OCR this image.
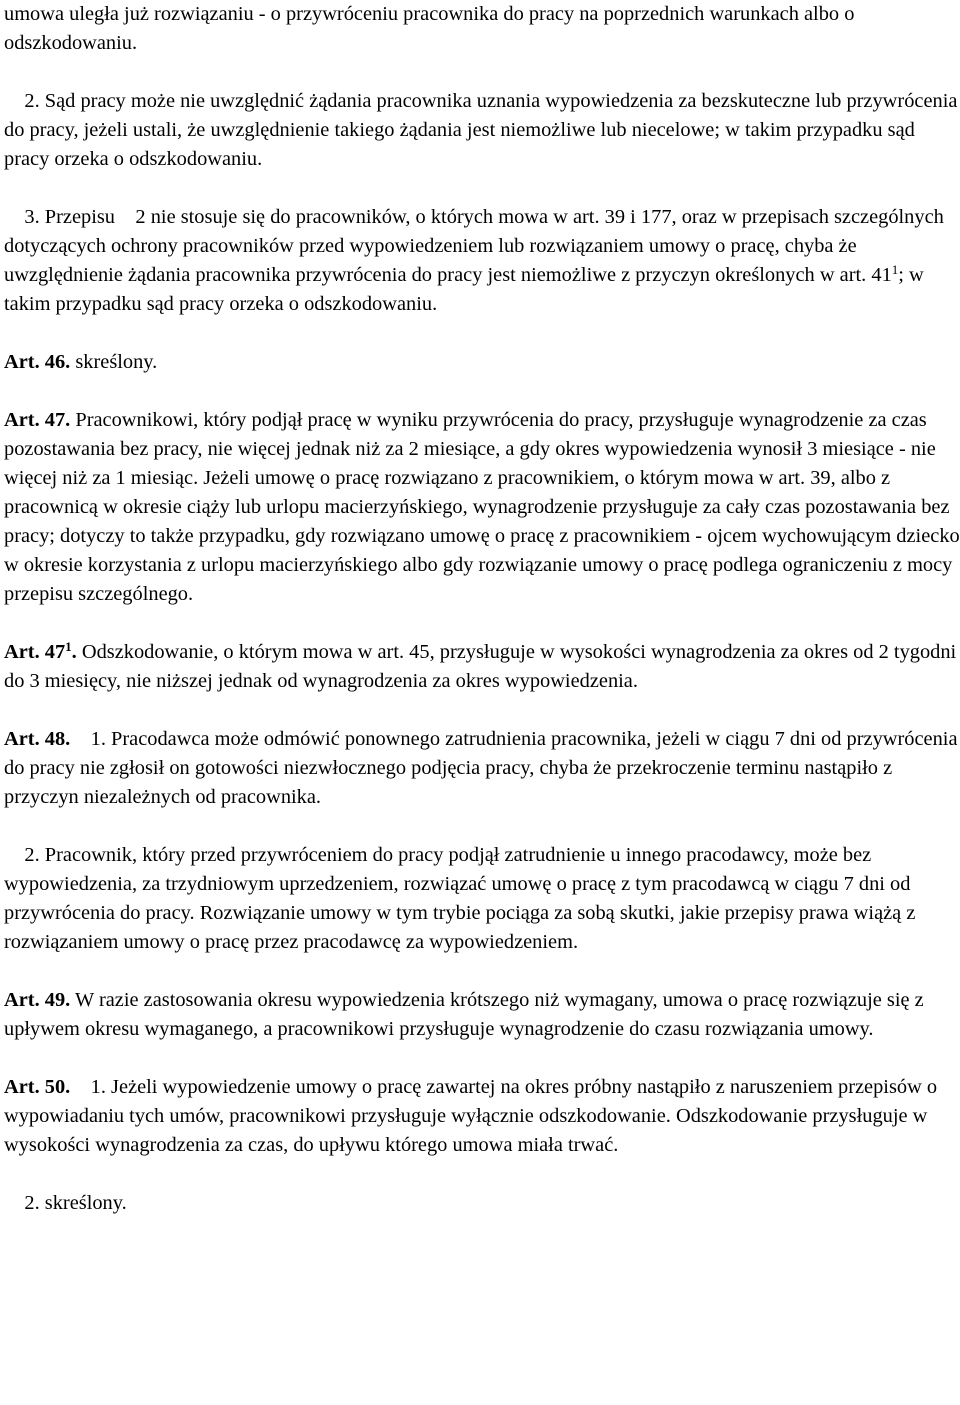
umowa uległa już rozwiązaniu - o przywróceniu pracownika do pracy na poprzednich warunkach albo o odszkodowaniu.

2. Sąd pracy może nie uwzględnić żądania pracownika uznania wypowiedzenia za bezskuteczne lub przywrócenia do pracy, jeżeli ustali, że uwzględnienie takiego żądania jest niemożliwe lub niecelowe; w takim przypadku sąd pracy orzeka o odszkodowaniu.

3. Przepisu    2 nie stosuje się do pracowników, o których mowa w art. 39 i 177, oraz w przepisach szczególnych dotyczących ochrony pracowników przed wypowiedzeniem lub rozwiązaniem umowy o pracę, chyba że uwzględnienie żądania pracownika przywrócenia do pracy jest niemożliwe z przyczyn określonych w art. $41^1$; w takim przypadku sąd pracy orzeka o odszkodowaniu.

Art. 46. skreślony.

Art. 47. Pracownikowi, który podjął pracę w wyniku przywrócenia do pracy, przysługuje wynagrodzenie za czas pozostawania bez pracy, nie więcej jednak niż za 2 miesiące, a gdy okres wypowiedzenia wynosił 3 miesiące - nie więcej niż za 1 miesiąc. Jeżeli umowę o pracę rozwiązano z pracownikiem, o którym mowa w art. 39, albo z pracownicą w okresie ciąży lub urlopu macierzyńskiego, wynagrodzenie przysługuje za cały czas pozostawania bez pracy; dotyczy to także przypadku, gdy rozwiązano umowę o pracę z pracownikiem - ojcem wychowującym dziecko w okresie korzystania z urlopu macierzyńskiego albo gdy rozwiązanie umowy o pracę podlega ograniczeniu z mocy przepisu szczególnego.

Art. $47^1$. Odszkodowanie, o którym mowa w art. 45, przysługuje w wysokości wynagrodzenia za okres od 2 tygodni do 3 miesięcy, nie niższej jednak od wynagrodzenia za okres wypowiedzenia.

Art. 48.    1. Pracodawca może odmówić ponownego zatrudnienia pracownika, jeżeli w ciągu 7 dni od przywrócenia do pracy nie zgłosił on gotowości niezwłocznego podjęcia pracy, chyba że przekroczenie terminu nastąpiło z przyczyn niezależnych od pracownika.

2. Pracownik, który przed przywróceniem do pracy podjął zatrudnienie u innego pracodawcy, może bez wypowiedzenia, za trzydniowym uprzedzeniem, rozwiązać umowę o pracę z tym pracodawcą w ciągu 7 dni od przywrócenia do pracy. Rozwiązanie umowy w tym trybie pociąga za sobą skutki, jakie przepisy prawa wiążą z rozwiązaniem umowy o pracę przez pracodawcę za wypowiedzeniem.

Art. 49. W razie zastosowania okresu wypowiedzenia krótszego niż wymagany, umowa o pracę rozwiązuje się z upływem okresu wymaganego, a pracownikowi przysługuje wynagrodzenie do czasu rozwiązania umowy.

Art. 50.    1. Jeżeli wypowiedzenie umowy o pracę zawartej na okres próbny nastąpiło z naruszeniem przepisów o wypowiadaniu tych umów, pracownikowi przysługuje wyłącznie odszkodowanie. Odszkodowanie przysługuje w wysokości wynagrodzenia za czas, do upływu którego umowa miała trwać.

2. skreślony.
